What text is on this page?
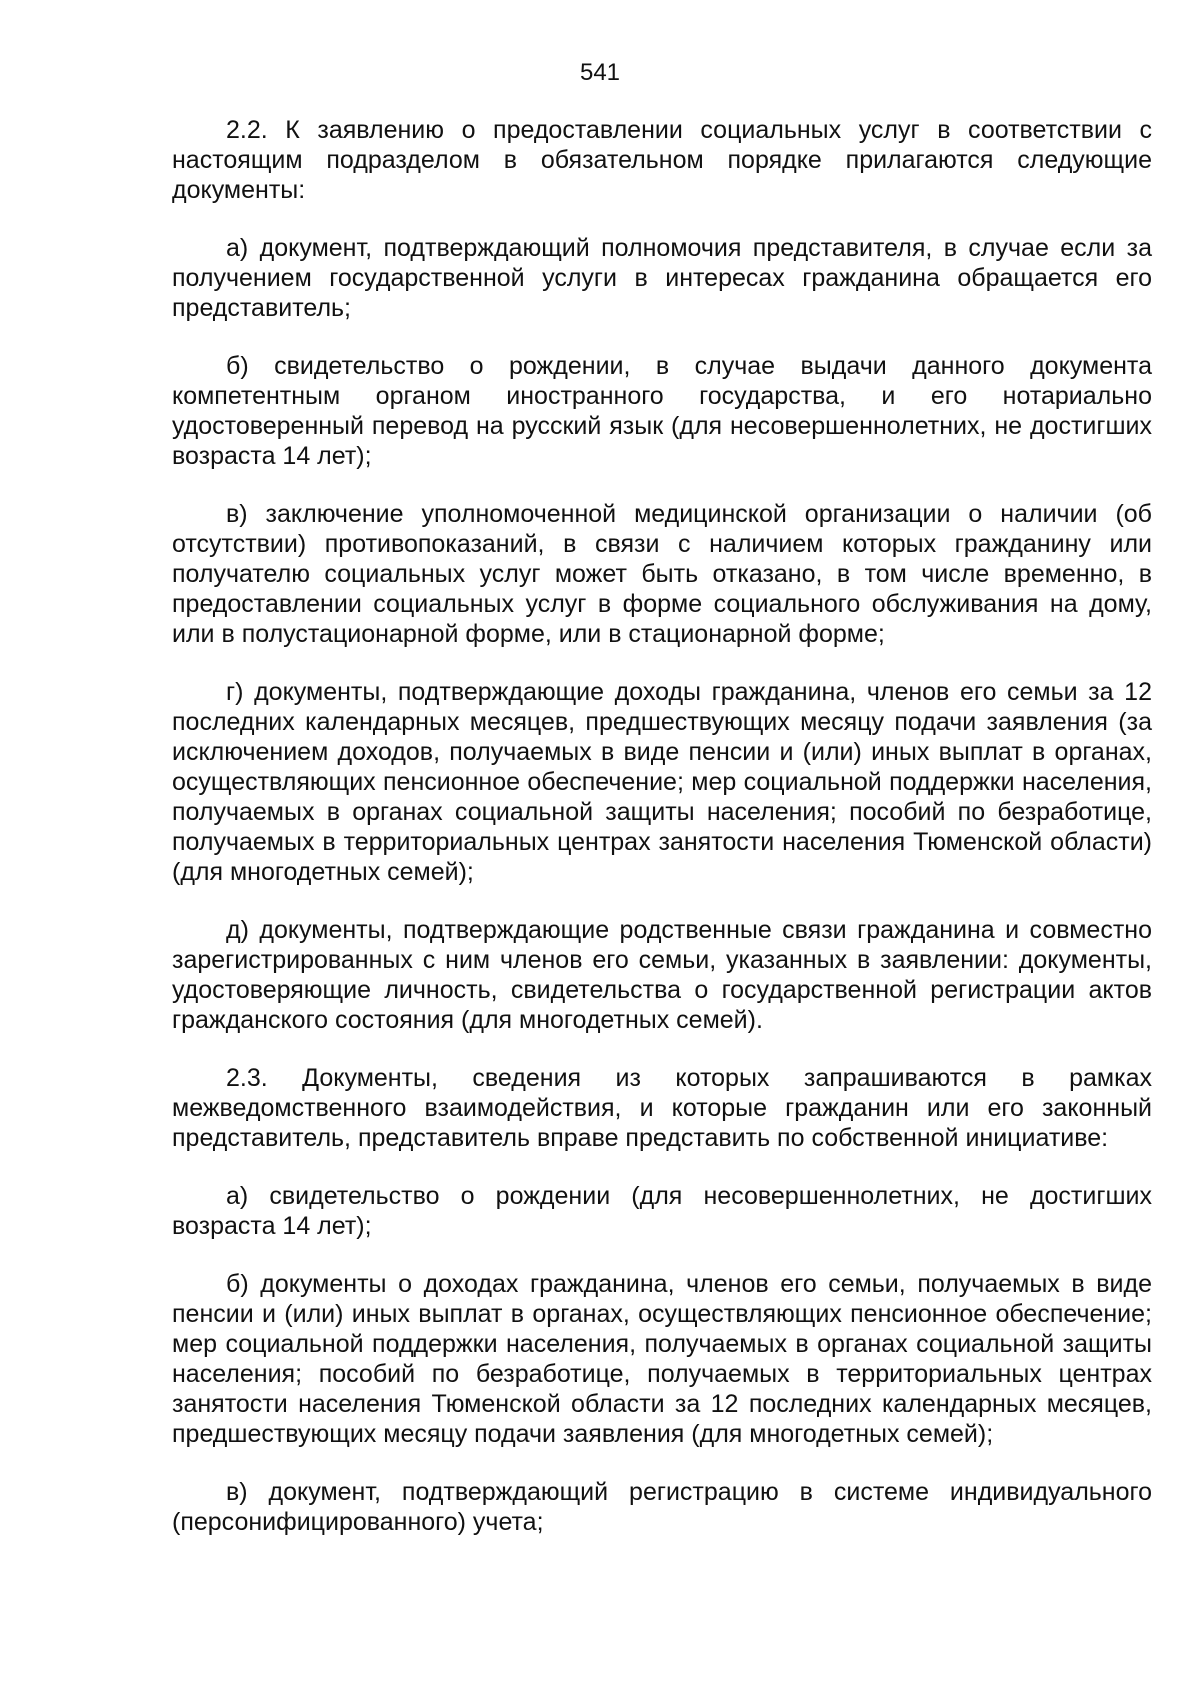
541

2.2. К заявлению о предоставлении социальных услуг в соответствии с настоящим подразделом в обязательном порядке прилагаются следующие документы:

а) документ, подтверждающий полномочия представителя, в случае если за получением государственной услуги в интересах гражданина обращается его представитель;

б) свидетельство о рождении, в случае выдачи данного документа компетентным органом иностранного государства, и его нотариально удостоверенный перевод на русский язык (для несовершеннолетних, не достигших возраста 14 лет);

в) заключение уполномоченной медицинской организации о наличии (об отсутствии) противопоказаний, в связи с наличием которых гражданину или получателю социальных услуг может быть отказано, в том числе временно, в предоставлении социальных услуг в форме социального обслуживания на дому, или в полустационарной форме, или в стационарной форме;

г) документы, подтверждающие доходы гражданина, членов его семьи за 12 последних календарных месяцев, предшествующих месяцу подачи заявления (за исключением доходов, получаемых в виде пенсии и (или) иных выплат в органах, осуществляющих пенсионное обеспечение; мер социальной поддержки населения, получаемых в органах социальной защиты населения; пособий по безработице, получаемых в территориальных центрах занятости населения Тюменской области) (для многодетных семей);

д) документы, подтверждающие родственные связи гражданина и совместно зарегистрированных с ним членов его семьи, указанных в заявлении: документы, удостоверяющие личность, свидетельства о государственной регистрации актов гражданского состояния (для многодетных семей).

2.3. Документы, сведения из которых запрашиваются в рамках межведомственного взаимодействия, и которые гражданин или его законный представитель, представитель вправе представить по собственной инициативе:

а) свидетельство о рождении (для несовершеннолетних, не достигших возраста 14 лет);

б) документы о доходах гражданина, членов его семьи, получаемых в виде пенсии и (или) иных выплат в органах, осуществляющих пенсионное обеспечение; мер социальной поддержки населения, получаемых в органах социальной защиты населения; пособий по безработице, получаемых в территориальных центрах занятости населения Тюменской области за 12 последних календарных месяцев, предшествующих месяцу подачи заявления (для многодетных семей);

в) документ, подтверждающий регистрацию в системе индивидуального (персонифицированного) учета;
